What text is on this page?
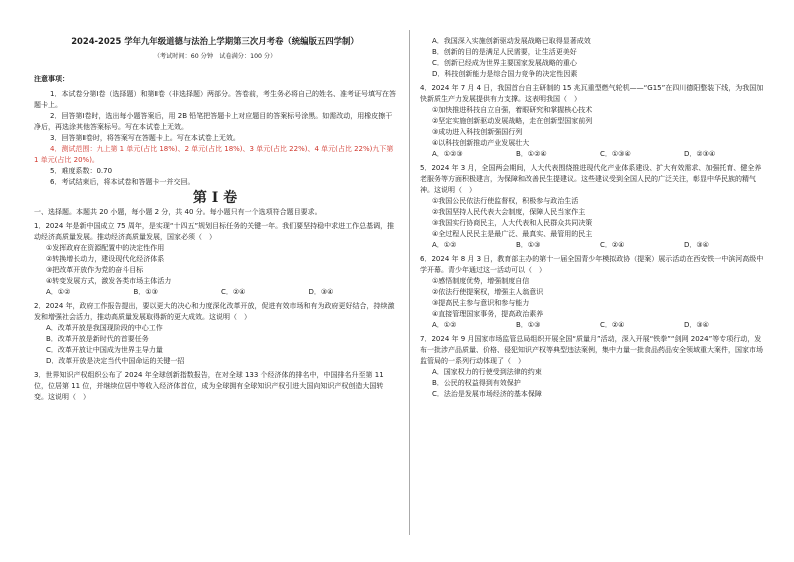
2024-2025 学年九年级道德与法治上学期第三次月考卷（统编版五四学制）
（考试时间：60 分钟　试卷满分：100 分）
注意事项：

1．本试卷分第Ⅰ卷（选择题）和第Ⅱ卷（非选择题）两部分。答卷前，考生务必将自己的姓名、准考证号填写在答题卡上。

2．回答第Ⅰ卷时，选出每小题答案后，用 2B 铅笔把答题卡上对应题目的答案标号涂黑。如需改动，用橡皮擦干净后，再选涂其他答案标号。写在本试卷上无效。

3．回答第Ⅱ卷时，将答案写在答题卡上。写在本试卷上无效。

4．测试范围：九上第 1 单元(占比 18%)、2 单元(占比 18%)、3 单元(占比 22%)、4 单元(占比 22%)九下第 1 单元(占比 20%)。

5．难度系数：0.70

6．考试结束后，将本试卷和答题卡一并交回。

第 Ⅰ 卷

一、选择题。本题共 20 小题，每小题 2 分，共 40 分。每小题只有一个选项符合题目要求。

1．2024 年是新中国成立 75 周年，是实现“十四五”规划目标任务的关键一年。我们要坚持稳中求进工作总基调，推动经济高质量发展。推动经济高质量发展，国家必须（　）

①发挥政府在资源配置中的决定性作用
②转换增长动力，建设现代化经济体系
③把改革开放作为党的奋斗目标
④转变发展方式，激发各类市场主体活力
A．①②	B．①③	C．②④	D．③④

2．2024 年，政府工作报告提出，要以更大的决心和力度深化改革开放，促进有效市场和有为政府更好结合，持续激发和增强社会活力，推动高质量发展取得新的更大成效。这说明（　）

A．改革开放是我国现阶段的中心工作
B．改革开放是新时代的首要任务
C．改革开放让中国成为世界主导力量
D．改革开放是决定当代中国命运的关键一招

3．世界知识产权组织公布了 2024 年全球创新指数报告，在对全球 133 个经济体的排名中，中国排名升至第 11 位，位居第 11 位，并继续位居中等收入经济体首位，成为全球拥有全球知识产权引进大国向知识产权创造大国转变。这说明（　）

A．我国深入实施创新驱动发展战略已取得显著成效
B．创新的目的是满足人民需要，让生活更美好
C．创新已经成为世界主要国家发展战略的重心
D．科技创新能力是综合国力竞争的决定性因素

4．2024 年 7 月 4 日，我国首台自主研制的 15 兆瓦重型燃气轮机——“G15”在四川德阳整装下线，为我国加快新质生产力发展提供有力支撑。这表明我国（　）

①加快推进科技自立自强，着眼研究和掌握核心技术
②坚定实施创新驱动发展战略，走在创新型国家前列
③成功进入科技创新强国行列
④以科技创新推动产业发展壮大
A．①②③	B．①②④	C．①③④	D．②③④

5．2024 年 3 月，全国两会期间，人大代表围绕推进现代化产业体系建设、扩大有效需求、加强托育、健全养老服务等方面积极建言，为保障和改善民生提建议。这些建议受到全国人民的广泛关注，彰显中华民族的精气神。这说明（　）

①我国公民依法行使监督权，积极参与政治生活
②我国坚持人民代表大会制度，保障人民当家作主
③我国实行协商民主，人大代表和人民群众共同决策
④全过程人民民主是最广泛、最真实、最管用的民主
A．①②	B．①③	C．②④	D．③④

6．2024 年 8 月 3 日，教育部主办的第十一届全国青少年模拟政协（提案）展示活动在西安铁一中滨河高级中学开幕。青少年通过这一活动可以（　）

①感悟制度优势，增强制度自信
②依法行使提案权，增强主人翁意识
③提高民主参与意识和参与能力
④直接管理国家事务，提高政治素养
A．①②	B．①③	C．②④	D．③④

7．2024 年 9 月国家市场监管总局组织开展全国“质量月”活动，深入开展“铁拳”“剑网 2024”等专项行动，发布一批涉产品质量、价格、侵犯知识产权等典型违法案例，集中力量一批食品药品安全领域重大案件，国家市场监管局的一系列行动体现了（　）

A．国家权力的行使受到法律的约束
B．公民的权益得到有效保护
C．法治是发展市场经济的基本保障
